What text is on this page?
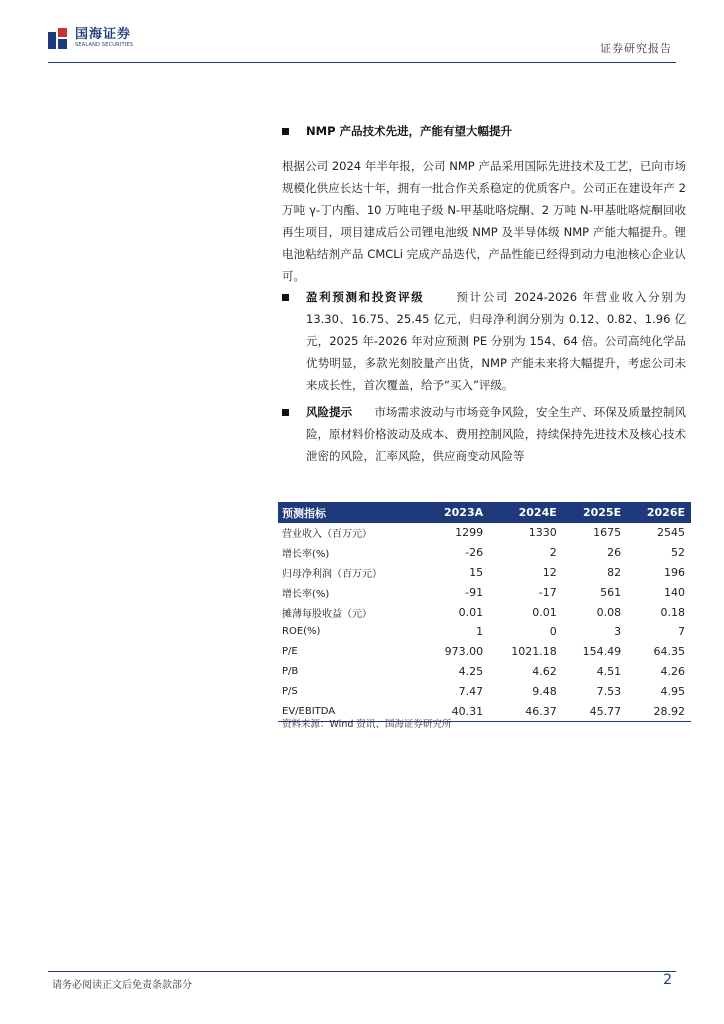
国海证券
SEALAND SECURITIES	证券研究报告
NMP 产品技术先进，产能有望大幅提升
根据公司 2024 年半年报，公司 NMP 产品采用国际先进技术及工艺，已向市场规模化供应长达十年，拥有一批合作关系稳定的优质客户。公司正在建设年产 2 万吨 γ-丁内酯、10 万吨电子级 N-甲基吡咯烷酮、2 万吨 N-甲基吡咯烷酮回收再生项目，项目建成后公司锂电池级 NMP 及半导体级 NMP 产能大幅提升。锂电池粘结剂产品 CMCLi 完成产品迭代，产品性能已经得到动力电池核心企业认可。
盈利预测和投资评级	预计公司 2024-2026 年营业收入分别为 13.30、16.75、25.45 亿元，归母净利润分别为 0.12、0.82、1.96 亿元，2025 年-2026 年对应预测 PE 分别为 154、64 倍。公司高纯化学品优势明显，多款光刻胶量产出货，NMP 产能未来将大幅提升，考虑公司未来成长性，首次覆盖，给予“买入”评级。
风险提示 市场需求波动与市场竞争风险，安全生产、环保及质量控制风险，原材料价格波动及成本、费用控制风险，持续保持先进技术及核心技术泄密的风险，汇率风险，供应商变动风险等
预测指标	2023A	2024E	2025E	2026E
营业收入（百万元）	1299	1330	1675	2545
增长率(%)	-26	2	26	52
归母净利润（百万元）	15	12	82	196
增长率(%)	-91	-17	561	140
摊薄每股收益（元）	0.01	0.01	0.08	0.18
ROE(%)	1	0	3	7
P/E	973.00	1021.18	154.49	64.35
P/B	4.25	4.62	4.51	4.26
P/S	7.47	9.48	7.53	4.95
EV/EBITDA	40.31	46.37	45.77	28.92
资料来源：Wind 资讯、国海证券研究所
请务必阅读正文后免责条款部分	2
